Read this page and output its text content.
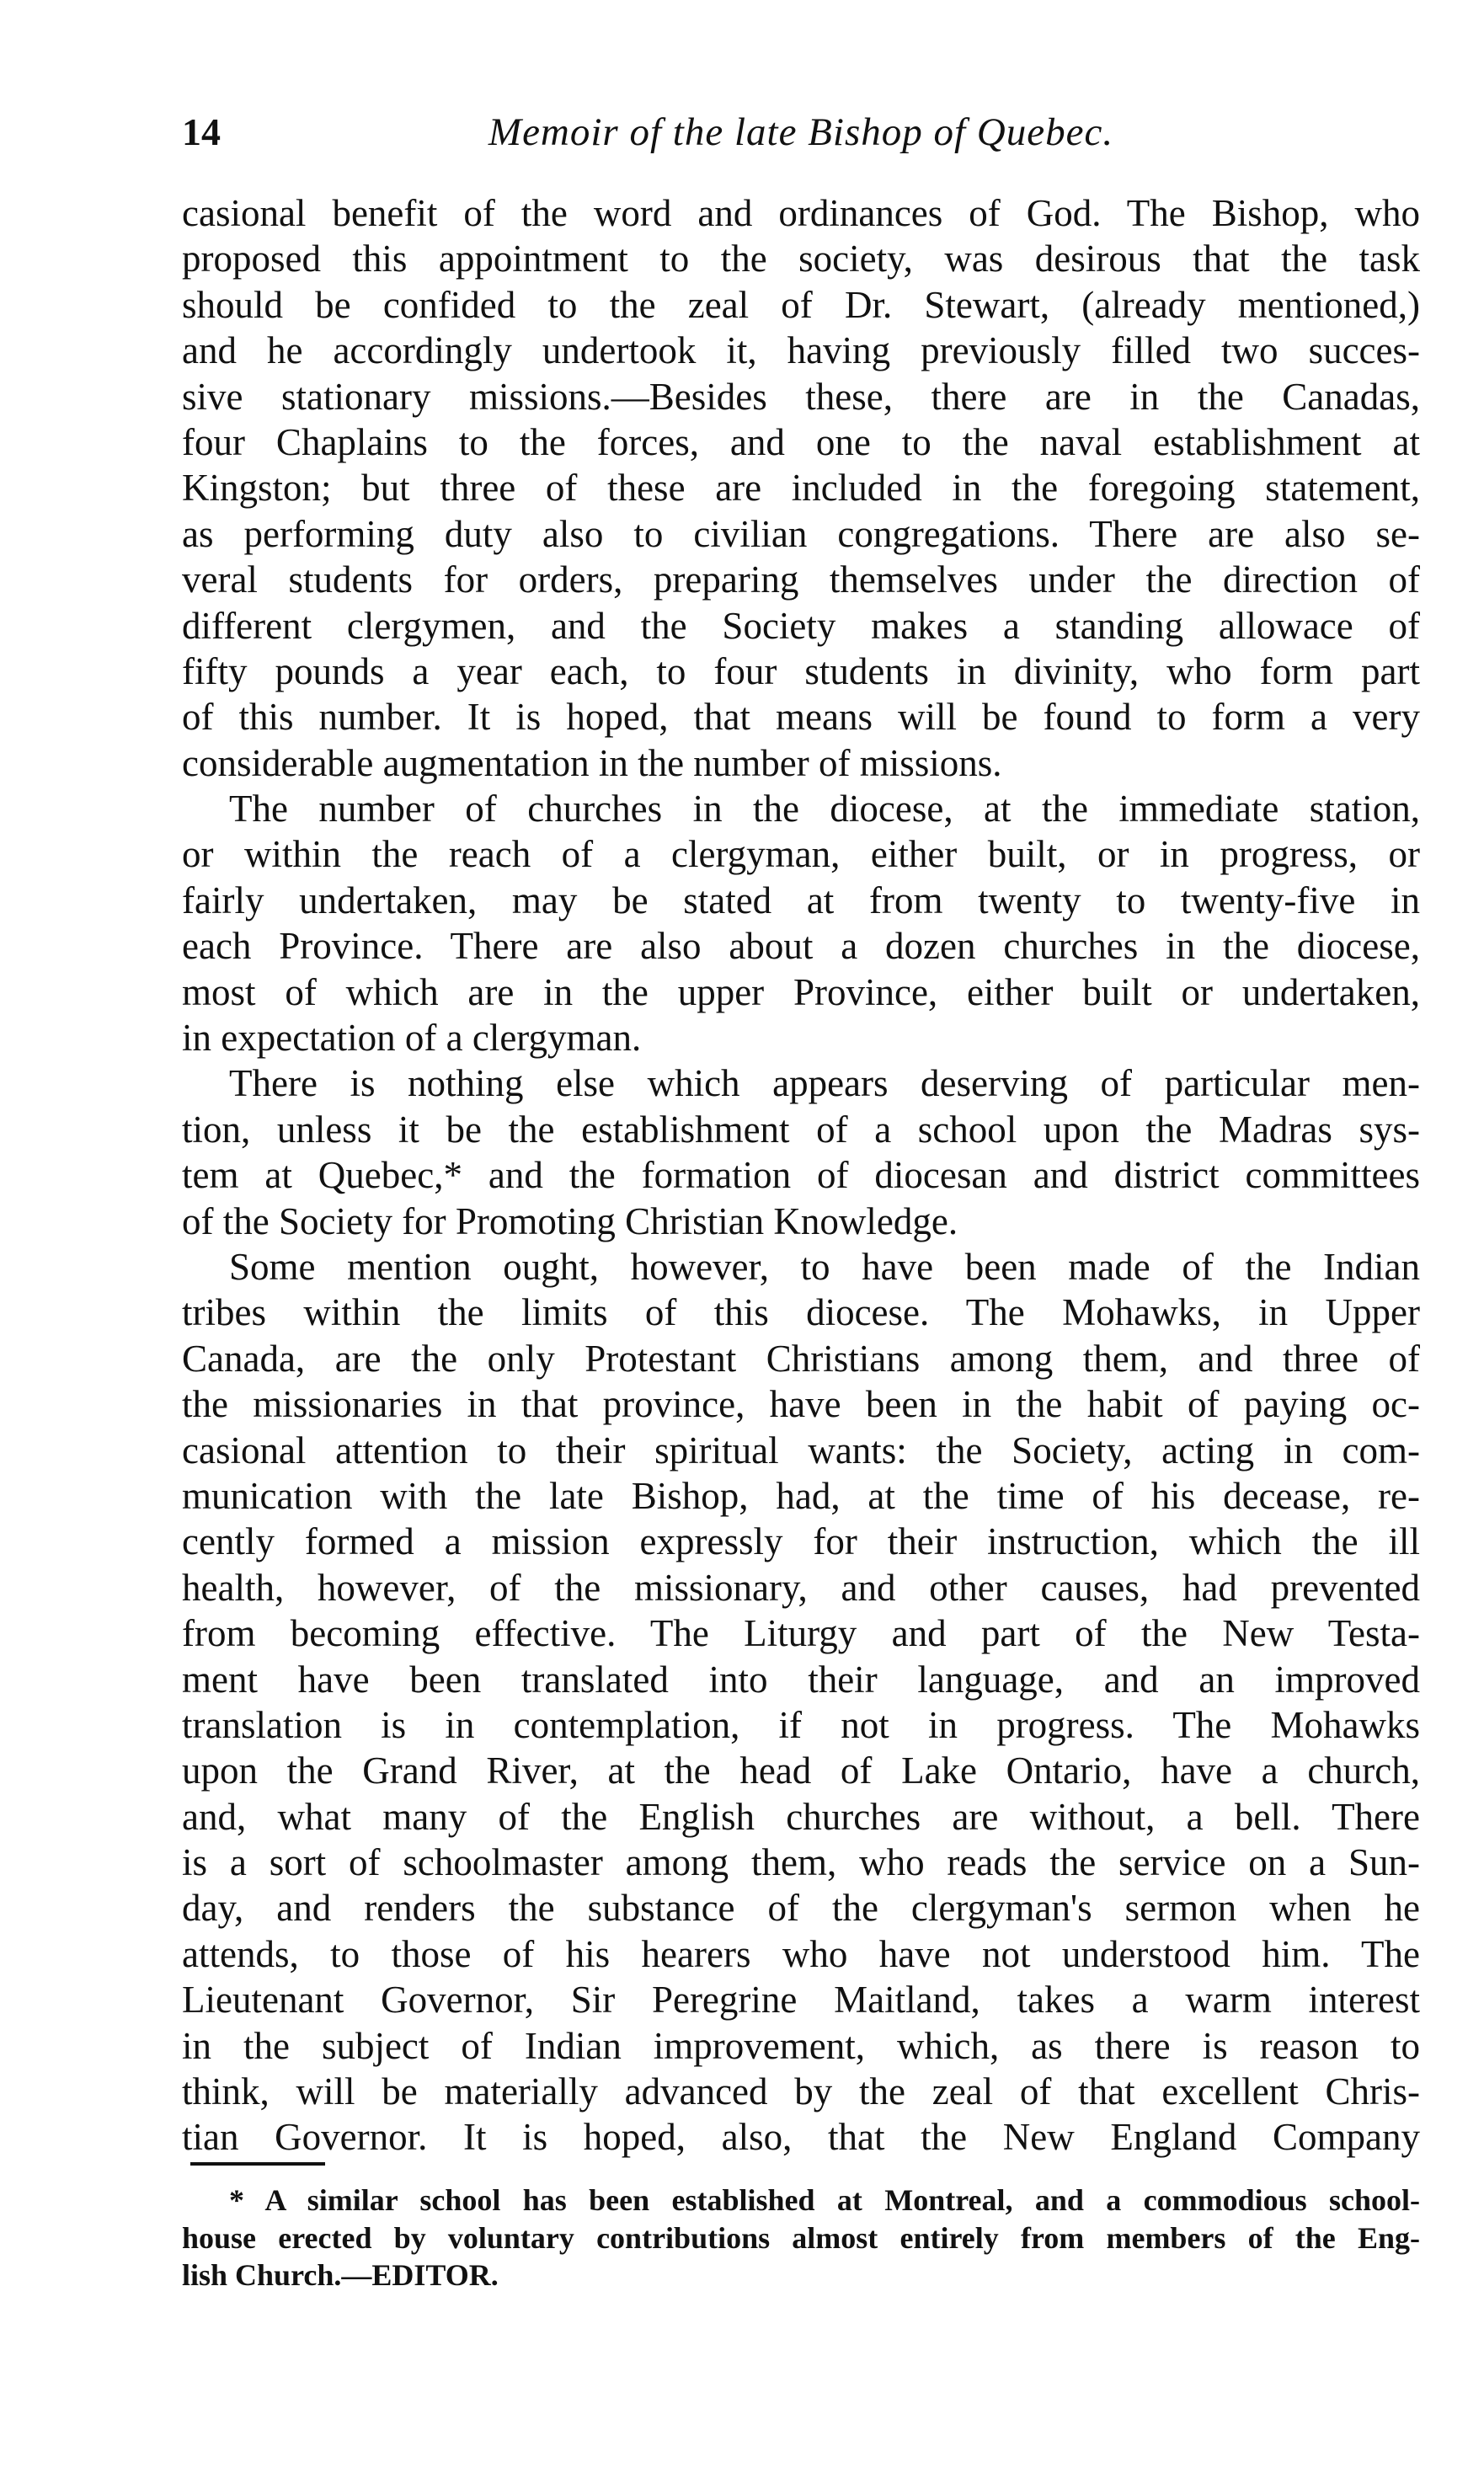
14	Memoir of the late Bishop of Quebec.
casional benefit of the word and ordinances of God. The Bishop, who
proposed this appointment to the society, was desirous that the task
should be confided to the zeal of Dr. Stewart, (already mentioned,)
and he accordingly undertook it, having previously filled two succes-
sive stationary missions.—Besides these, there are in the Canadas,
four Chaplains to the forces, and one to the naval establishment at
Kingston; but three of these are included in the foregoing statement,
as performing duty also to civilian congregations. There are also se-
veral students for orders, preparing themselves under the direction of
different clergymen, and the Society makes a standing allowace of
fifty pounds a year each, to four students in divinity, who form part
of this number. It is hoped, that means will be found to form a very
considerable augmentation in the number of missions.
The number of churches in the diocese, at the immediate station,
or within the reach of a clergyman, either built, or in progress, or
fairly undertaken, may be stated at from twenty to twenty-five in
each Province. There are also about a dozen churches in the diocese,
most of which are in the upper Province, either built or undertaken,
in expectation of a clergyman.
There is nothing else which appears deserving of particular men-
tion, unless it be the establishment of a school upon the Madras sys-
tem at Quebec,* and the formation of diocesan and district committees
of the Society for Promoting Christian Knowledge.
Some mention ought, however, to have been made of the Indian
tribes within the limits of this diocese. The Mohawks, in Upper
Canada, are the only Protestant Christians among them, and three of
the missionaries in that province, have been in the habit of paying oc-
casional attention to their spiritual wants: the Society, acting in com-
munication with the late Bishop, had, at the time of his decease, re-
cently formed a mission expressly for their instruction, which the ill
health, however, of the missionary, and other causes, had prevented
from becoming effective. The Liturgy and part of the New Testa-
ment have been translated into their language, and an improved
translation is in contemplation, if not in progress. The Mohawks
upon the Grand River, at the head of Lake Ontario, have a church,
and, what many of the English churches are without, a bell. There
is a sort of schoolmaster among them, who reads the service on a Sun-
day, and renders the substance of the clergyman's sermon when he
attends, to those of his hearers who have not understood him. The
Lieutenant Governor, Sir Peregrine Maitland, takes a warm interest
in the subject of Indian improvement, which, as there is reason to
think, will be materially advanced by the zeal of that excellent Chris-
tian Governor. It is hoped, also, that the New England Company
* A similar school has been established at Montreal, and a commodious school-
house erected by voluntary contributions almost entirely from members of the Eng-
lish Church.—EDITOR.
